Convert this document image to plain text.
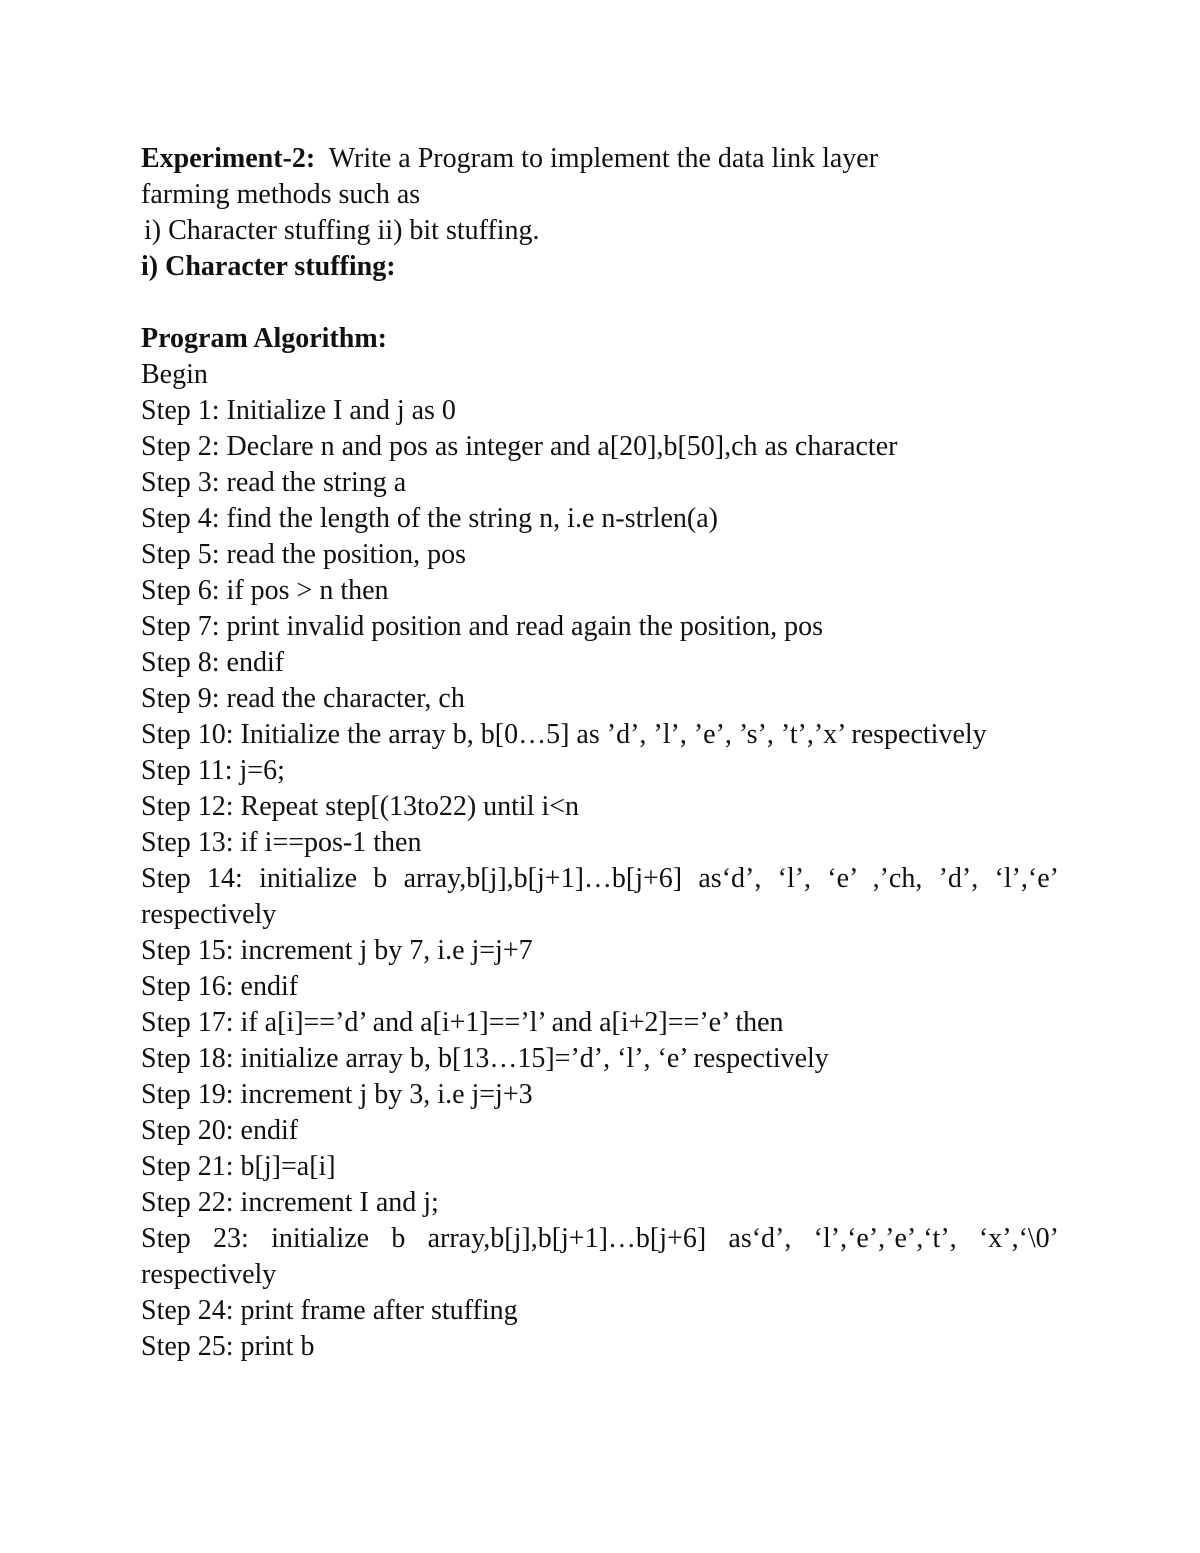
Experiment-2: Write a Program to implement the data link layer
farming methods such as
i) Character stuffing ii) bit stuffing.
i) Character stuffing:
Program Algorithm:
Begin
Step 1: Initialize I and j as 0
Step 2: Declare n and pos as integer and a[20],b[50],ch as character
Step 3: read the string a
Step 4: find the length of the string n, i.e n-strlen(a)
Step 5: read the position, pos
Step 6: if pos > n then
Step 7: print invalid position and read again the position, pos
Step 8: endif
Step 9: read the character, ch
Step 10: Initialize the array b, b[0…5] as ’d’, ’l’, ’e’, ’s’, ’t’,’x’ respectively
Step 11: j=6;
Step 12: Repeat step[(13to22) until i<n
Step 13: if i==pos-1 then
Step 14: initialize b array,b[j],b[j+1]…b[j+6] as‘d’, ‘l’, ‘e’ ,’ch, ’d’, ‘l’,‘e’ respectively
Step 15: increment j by 7, i.e j=j+7
Step 16: endif
Step 17: if a[i]==’d’ and a[i+1]==’l’ and a[i+2]==’e’ then
Step 18: initialize array b, b[13…15]=’d’, ‘l’, ‘e’ respectively
Step 19: increment j by 3, i.e j=j+3
Step 20: endif
Step 21: b[j]=a[i]
Step 22: increment I and j;
Step 23: initialize b array,b[j],b[j+1]…b[j+6] as‘d’, ‘l’,‘e’,’e’,‘t’, ‘x’,‘\0’ respectively
Step 24: print frame after stuffing
Step 25: print b
